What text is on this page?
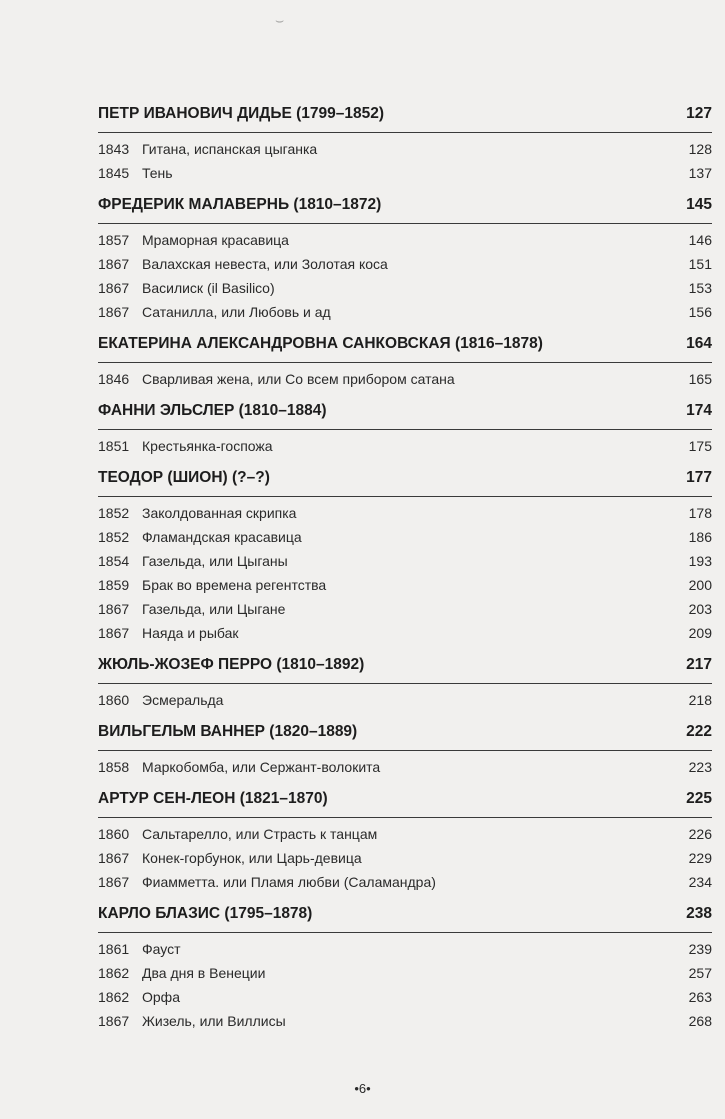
⌣
ПЕТР ИВАНОВИЧ ДИДЬЕ (1799–1852)	127
1843 Гитана, испанская цыганка	128
1845 Тень	137
ФРЕДЕРИК МАЛАВЕРНЬ (1810–1872)	145
1857 Мраморная красавица	146
1867 Валахская невеста, или Золотая коса	151
1867 Василиск (il Basilico)	153
1867 Сатанилла, или Любовь и ад	156
ЕКАТЕРИНА АЛЕКСАНДРОВНА САНКОВСКАЯ (1816–1878)	164
1846 Сварливая жена, или Со всем прибором сатана	165
ФАННИ ЭЛЬСЛЕР (1810–1884)	174
1851 Крестьянка-госпожа	175
ТЕОДОР (ШИОН) (?–?)	177
1852 Заколдованная скрипка	178
1852 Фламандская красавица	186
1854 Газельда, или Цыганы	193
1859 Брак во времена регентства	200
1867 Газельда, или Цыгане	203
1867 Наяда и рыбак	209
ЖЮЛЬ-ЖОЗЕФ ПЕРРО (1810–1892)	217
1860 Эсмеральда	218
ВИЛЬГЕЛЬМ ВАННЕР (1820–1889)	222
1858 Маркобомба, или Сержант-волокита	223
АРТУР СЕН-ЛЕОН (1821–1870)	225
1860 Сальтарелло, или Страсть к танцам	226
1867 Конек-горбунок, или Царь-девица	229
1867 Фиамметта. или Пламя любви (Саламандра)	234
КАРЛО БЛАЗИС (1795–1878)	238
1861 Фауст	239
1862 Два дня в Венеции	257
1862 Орфа	263
1867 Жизель, или Виллисы	268
•6•
